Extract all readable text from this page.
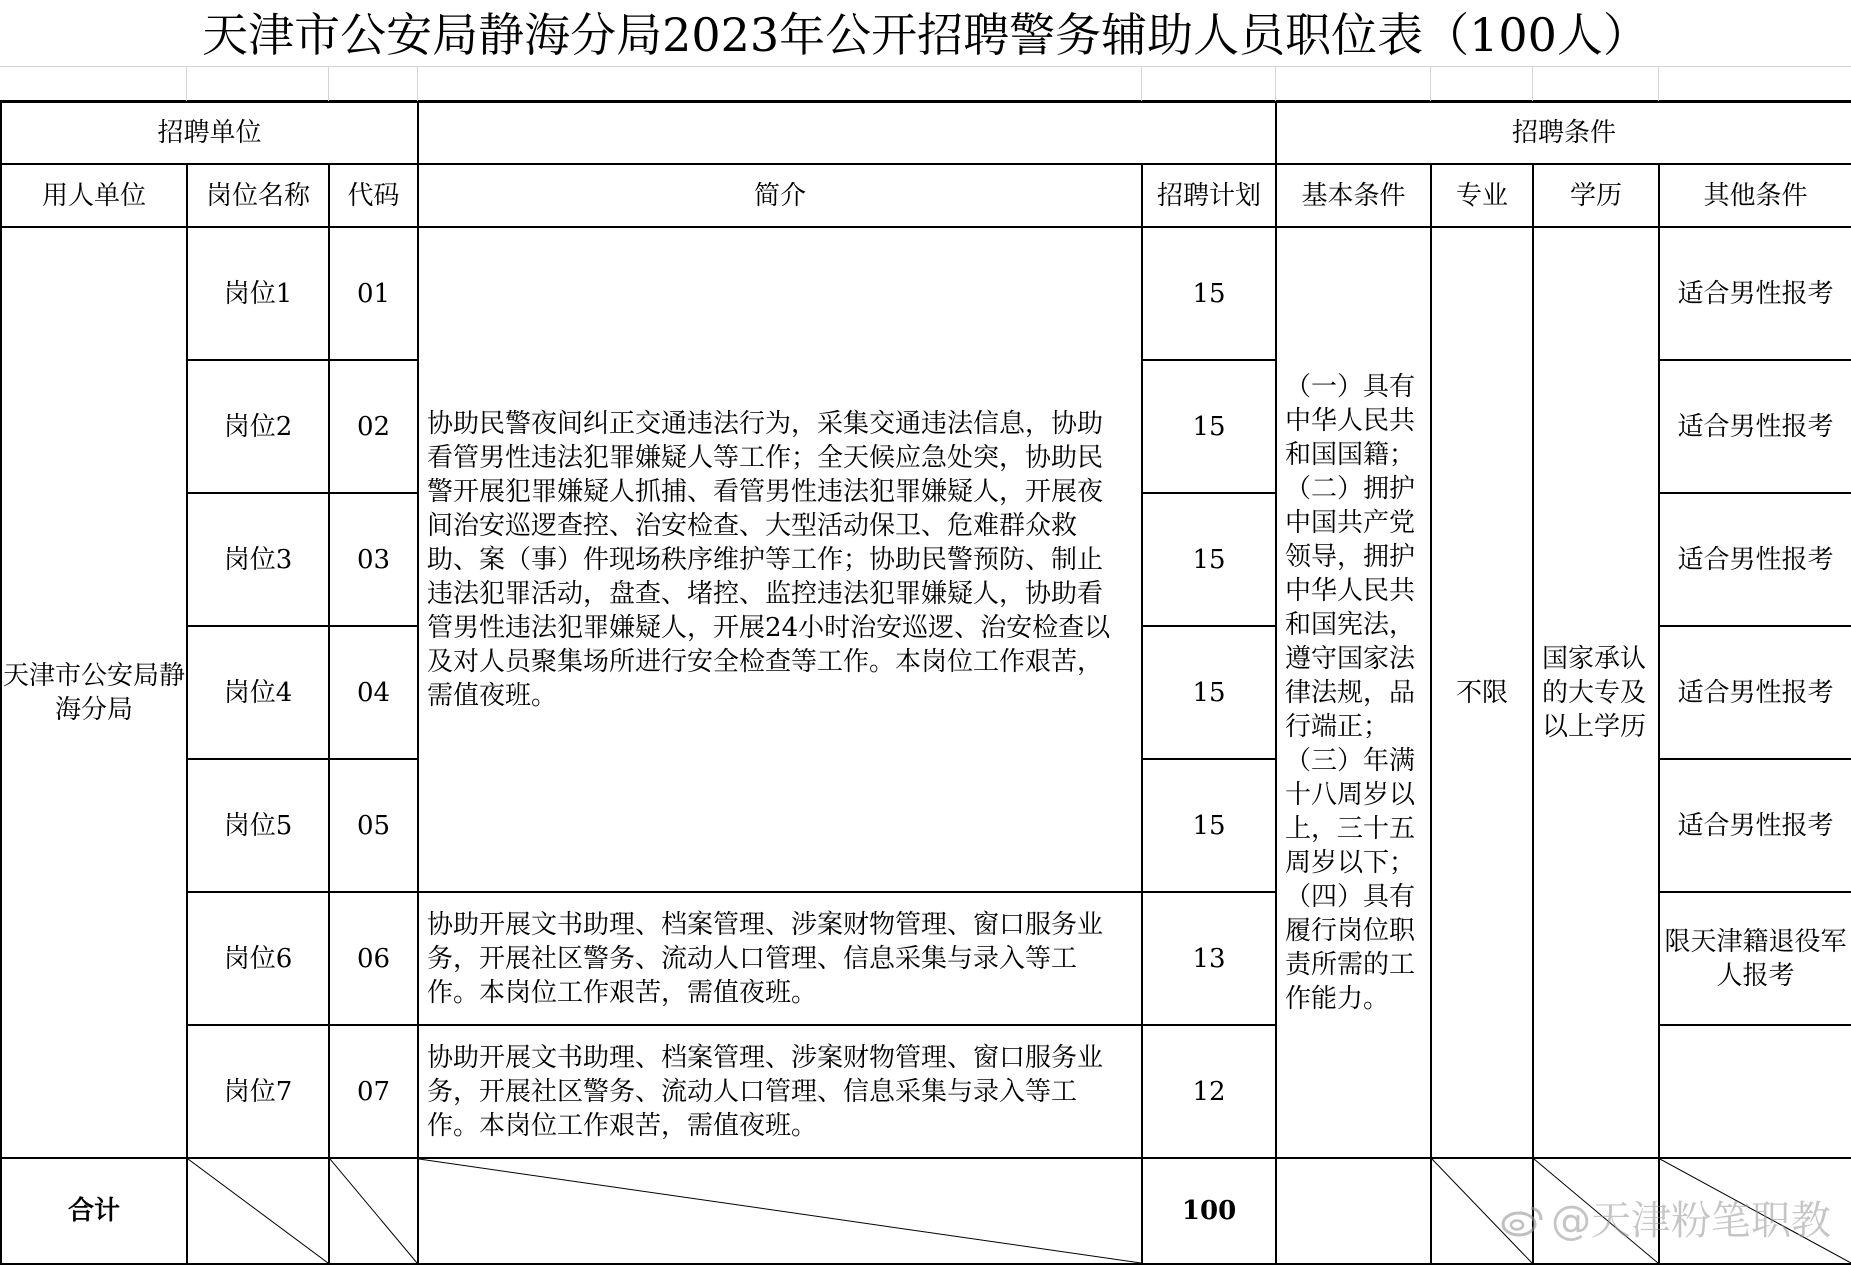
天津市公安局静海分局2023年公开招聘警务辅助人员职位表（100人）
招聘单位					招聘条件			
用人单位	岗位名称	代码	简介	招聘计划	基本条件	专业	学历	其他条件
天津市公安局静海分局	岗位1	01	协助民警夜间纠正交通违法行为，采集交通违法信息，协助看管男性违法犯罪嫌疑人等工作；全天候应急处突，协助民警开展犯罪嫌疑人抓捕、看管男性违法犯罪嫌疑人，开展夜间治安巡逻查控、治安检查、大型活动保卫、危难群众救助、案（事）件现场秩序维护等工作；协助民警预防、制止违法犯罪活动，盘查、堵控、监控违法犯罪嫌疑人，协助看管男性违法犯罪嫌疑人，开展24小时治安巡逻、治安检查以及对人员聚集场所进行安全检查等工作。本岗位工作艰苦，需值夜班。	15	（一）具有中华人民共和国国籍；（二）拥护中国共产党领导，拥护中华人民共和国宪法，遵守国家法律法规，品行端正；（三）年满十八周岁以上，三十五周岁以下；（四）具有履行岗位职责所需的工作能力。	不限	国家承认的大专及以上学历	适合男性报考
	岗位2	02		15				适合男性报考
	岗位3	03		15				适合男性报考
	岗位4	04		15				适合男性报考
	岗位5	05		15				适合男性报考
	岗位6	06	协助开展文书助理、档案管理、涉案财物管理、窗口服务业务，开展社区警务、流动人口管理、信息采集与录入等工作。本岗位工作艰苦，需值夜班。	13				限天津籍退役军人报考
	岗位7	07	协助开展文书助理、档案管理、涉案财物管理、窗口服务业务，开展社区警务、流动人口管理、信息采集与录入等工作。本岗位工作艰苦，需值夜班。	12				
合计				100		

		@天津粉笔职教
